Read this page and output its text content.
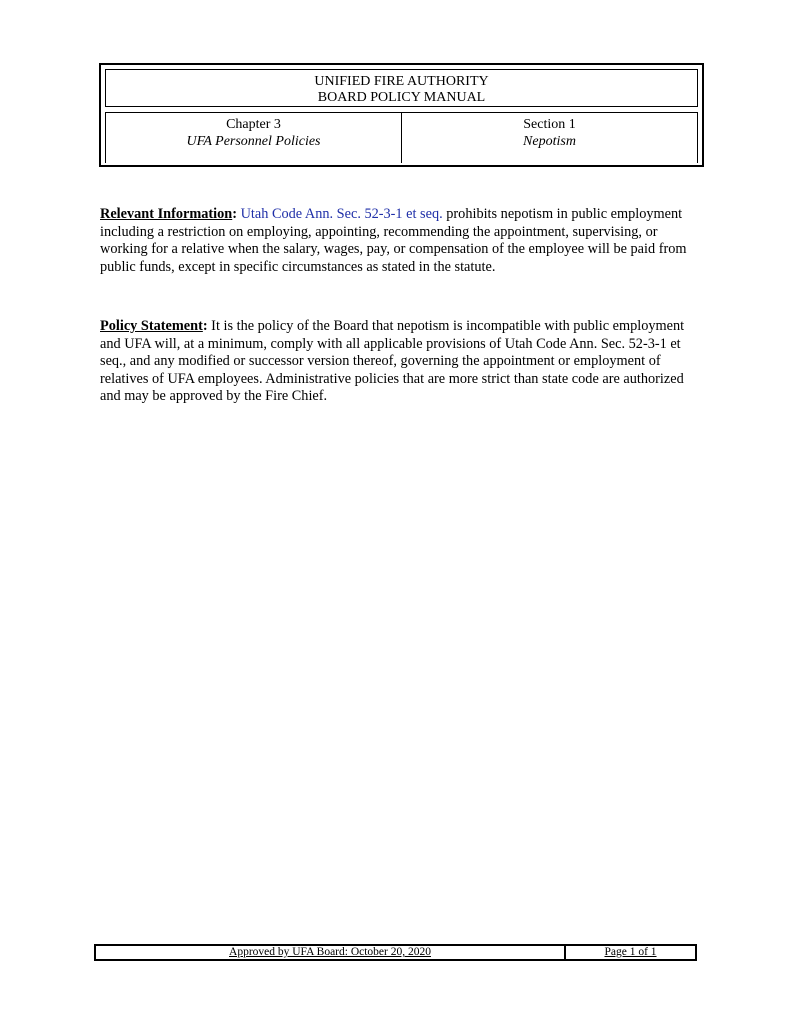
UNIFIED FIRE AUTHORITY
BOARD POLICY MANUAL
Chapter 3
UFA Personnel Policies
Section 1
Nepotism

Relevant Information: Utah Code Ann. Sec. 52-3-1 et seq. prohibits nepotism in public employment including a restriction on employing, appointing, recommending the appointment, supervising, or working for a relative when the salary, wages, pay, or compensation of the employee will be paid from public funds, except in specific circumstances as stated in the statute.

Policy Statement: It is the policy of the Board that nepotism is incompatible with public employment and UFA will, at a minimum, comply with all applicable provisions of Utah Code Ann. Sec. 52-3-1 et seq., and any modified or successor version thereof, governing the appointment or employment of relatives of UFA employees. Administrative policies that are more strict than state code are authorized and may be approved by the Fire Chief.

Approved by UFA Board: October 20, 2020	Page 1 of 1
